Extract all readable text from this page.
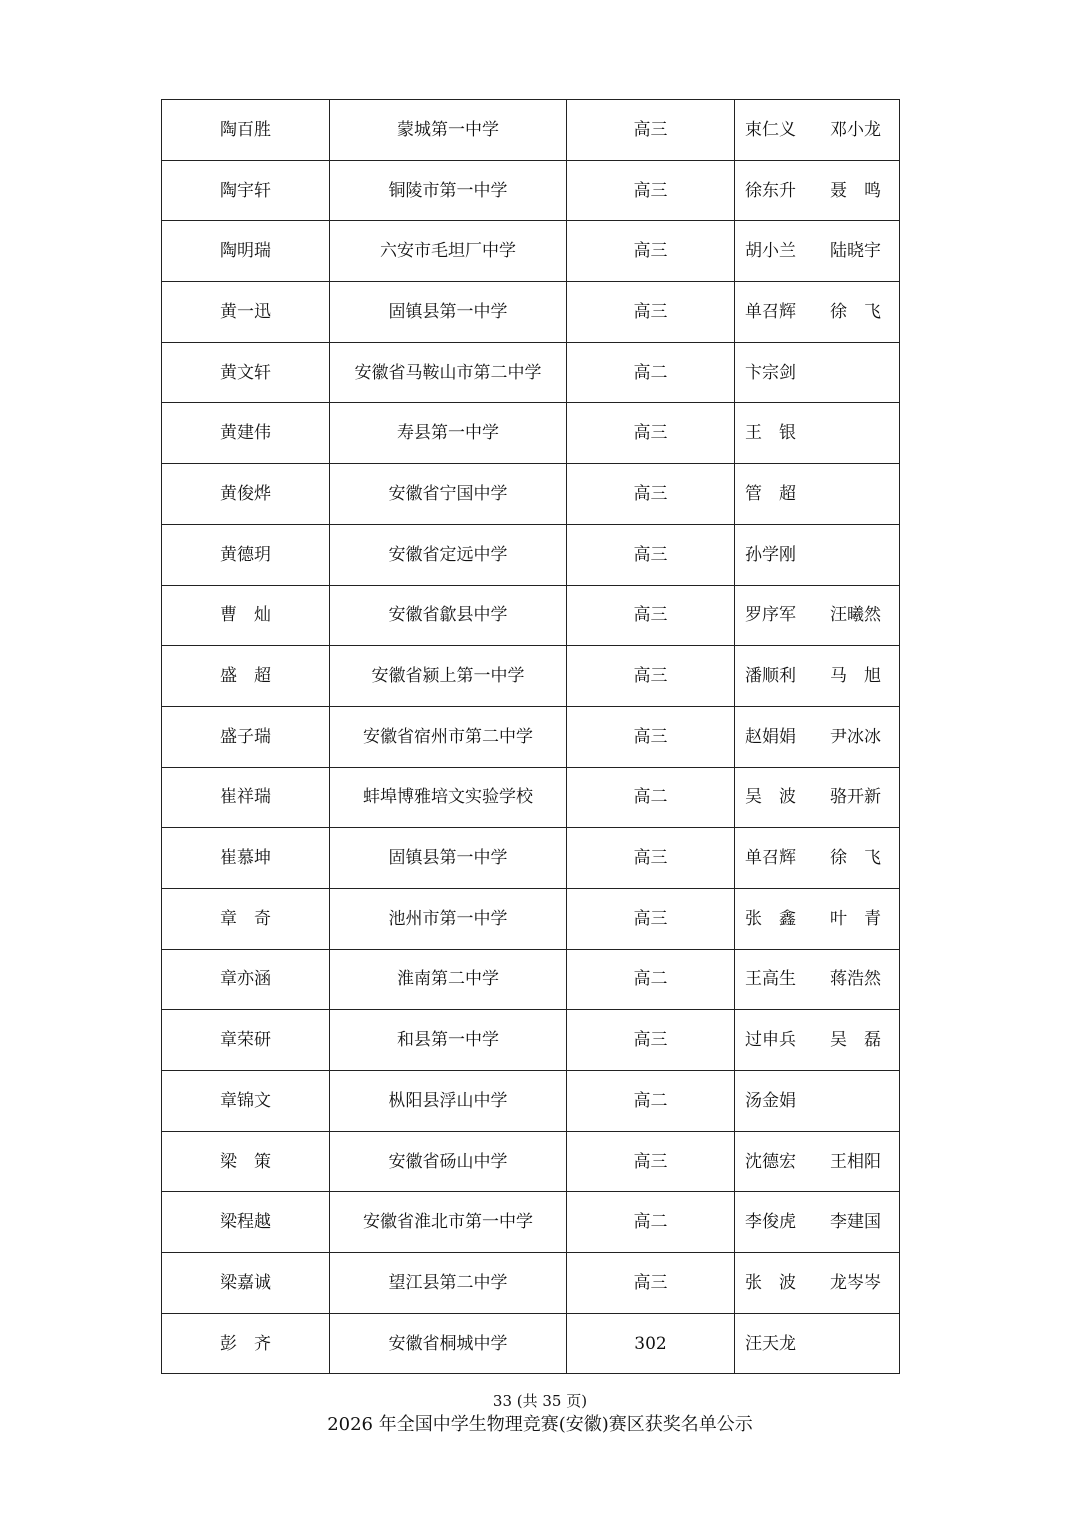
陶百胜	蒙城第一中学	高三	束仁义 邓小龙

陶宇轩	铜陵市第一中学	高三	徐东升 聂　鸣

陶明瑞	六安市毛坦厂中学	高三	胡小兰 陆晓宇

黄一迅	固镇县第一中学	高三	单召辉 徐　飞

黄文轩	安徽省马鞍山市第二中学	高二	卞宗剑

黄建伟	寿县第一中学	高三	王　银

黄俊烨	安徽省宁国中学	高三	管　超

黄德玥	安徽省定远中学	高三	孙学刚

曹　灿	安徽省歙县中学	高三	罗序军 汪曦然

盛　超	安徽省颍上第一中学	高三	潘顺利 马　旭

盛子瑞	安徽省宿州市第二中学	高三	赵娟娟 尹冰冰

崔祥瑞	蚌埠博雅培文实验学校	高二	吴　波 骆开新

崔慕坤	固镇县第一中学	高三	单召辉 徐　飞

章　奇	池州市第一中学	高三	张　鑫 叶　青

章亦涵	淮南第二中学	高二	王高生 蒋浩然

章荣研	和县第一中学	高三	过申兵 吴　磊

章锦文	枞阳县浮山中学	高二	汤金娟

梁　策	安徽省砀山中学	高三	沈德宏 王相阳

梁程越	安徽省淮北市第一中学	高二	李俊虎 李建国

梁嘉诚	望江县第二中学	高三	张　波 龙岑岑

彭　齐	安徽省桐城中学	302	汪天龙
33 (共 35 页)
2026 年全国中学生物理竞赛(安徽)赛区获奖名单公示
